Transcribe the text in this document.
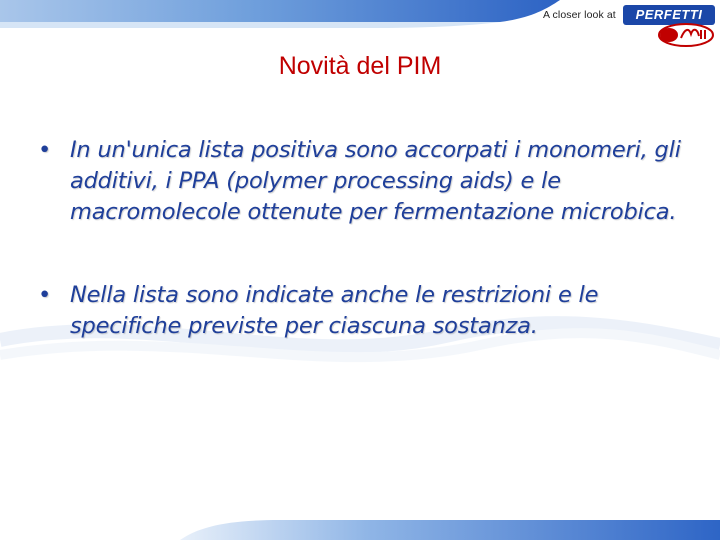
A closer look at	PERFETTI
Novità del PIM
• In un'unica lista positiva sono accorpati i monomeri, gli additivi, i PPA (polymer processing aids) e le macromolecole ottenute per fermentazione microbica.
• Nella lista sono indicate anche le restrizioni e le specifiche previste per ciascuna sostanza.
